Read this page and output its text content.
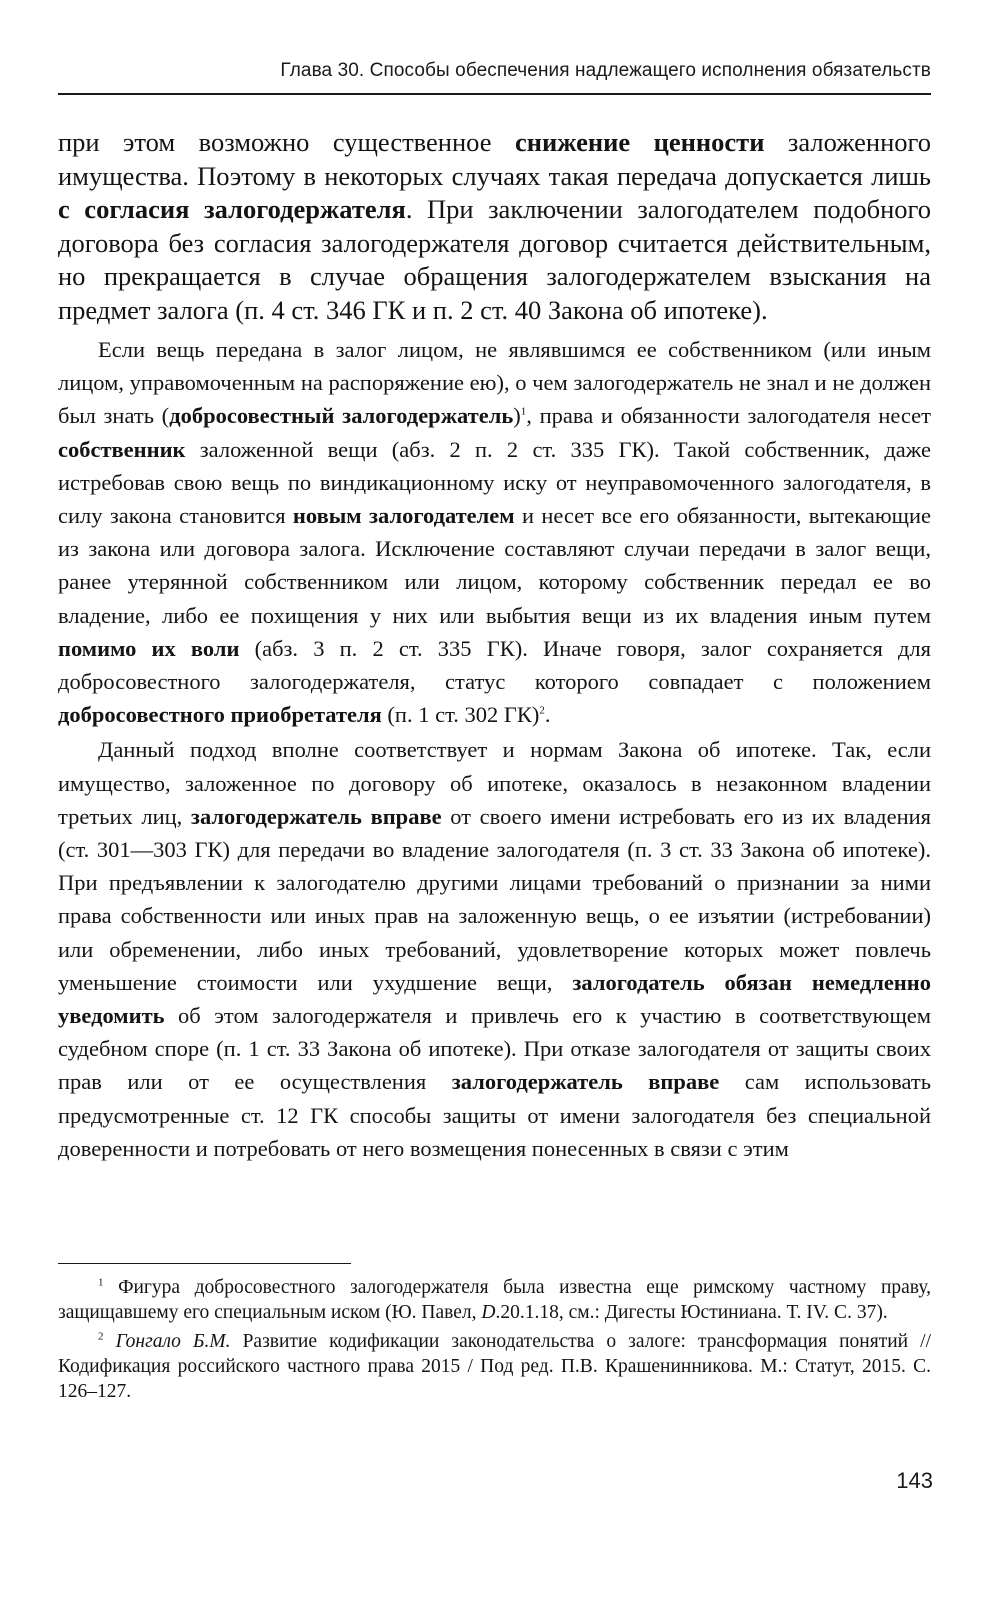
Глава 30. Способы обеспечения надлежащего исполнения обязательств

при этом возможно существенное снижение ценности заложенного имущества. Поэтому в некоторых случаях такая передача допускается лишь с согласия залогодержателя. При заключении залогодателем подобного договора без согласия залогодержателя договор считается действительным, но прекращается в случае обращения залогодержателем взыскания на предмет залога (п. 4 ст. 346 ГК и п. 2 ст. 40 Закона об ипотеке).

Если вещь передана в залог лицом, не являвшимся ее собственником (или иным лицом, управомоченным на распоряжение ею), о чем залогодержатель не знал и не должен был знать (добросовестный залогодержатель)$^1$, права и обязанности залогодателя несет собственник заложенной вещи (абз. 2 п. 2 ст. 335 ГК). Такой собственник, даже истребовав свою вещь по виндикационному иску от неуправомоченного залогодателя, в силу закона становится новым залогодателем и несет все его обязанности, вытекающие из закона или договора залога. Исключение составляют случаи передачи в залог вещи, ранее утерянной собственником или лицом, которому собственник передал ее во владение, либо ее похищения у них или выбытия вещи из их владения иным путем помимо их воли (абз. 3 п. 2 ст. 335 ГК). Иначе говоря, залог сохраняется для добросовестного залогодержателя, статус которого совпадает с положением добросовестного приобретателя (п. 1 ст. 302 ГК)$^2$.

Данный подход вполне соответствует и нормам Закона об ипотеке. Так, если имущество, заложенное по договору об ипотеке, оказалось в незаконном владении третьих лиц, залогодержатель вправе от своего имени истребовать его из их владения (ст. 301—303 ГК) для передачи во владение залогодателя (п. 3 ст. 33 Закона об ипотеке). При предъявлении к залогодателю другими лицами требований о признании за ними права собственности или иных прав на заложенную вещь, о ее изъятии (истребовании) или обременении, либо иных требований, удовлетворение которых может повлечь уменьшение стоимости или ухудшение вещи, залогодатель обязан немедленно уведомить об этом залогодержателя и привлечь его к участию в соответствующем судебном споре (п. 1 ст. 33 Закона об ипотеке). При отказе залогодателя от защиты своих прав или от ее осуществления залогодержатель вправе сам использовать предусмотренные ст. 12 ГК способы защиты от имени залогодателя без специальной доверенности и потребовать от него возмещения понесенных в связи с этим

$^1$ Фигура добросовестного залогодержателя была известна еще римскому частному праву, защищавшему его специальным иском (Ю. Павел, D.20.1.18, см.: Дигесты Юстиниана. Т. IV. С. 37).

$^2$ Гонгало Б.М. Развитие кодификации законодательства о залоге: трансформация понятий // Кодификация российского частного права 2015 / Под ред. П.В. Крашенинникова. М.: Статут, 2015. С. 126–127.

143
